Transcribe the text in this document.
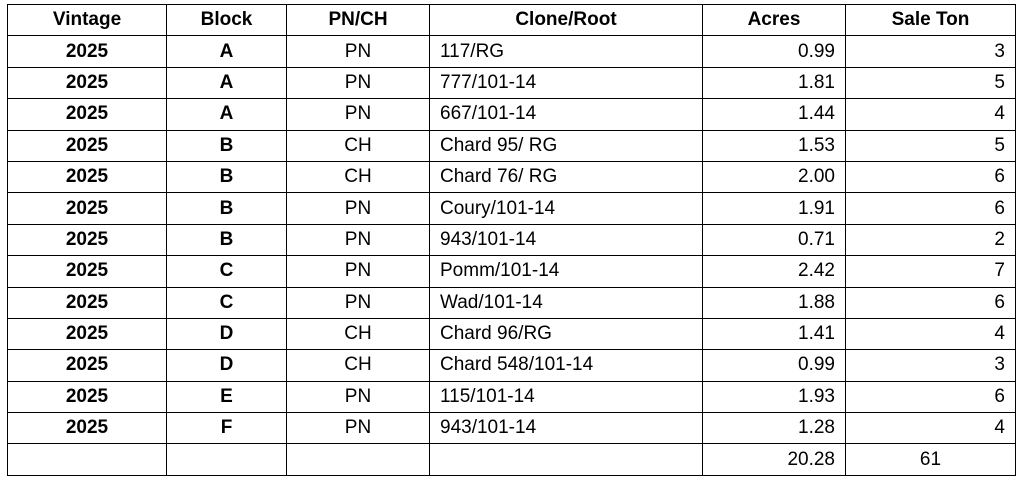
Vintage	Block	PN/CH	Clone/Root	Acres	Sale Ton
2025	A	PN	117/RG	0.99	3
2025	A	PN	777/101-14	1.81	5
2025	A	PN	667/101-14	1.44	4
2025	B	CH	Chard 95/ RG	1.53	5
2025	B	CH	Chard 76/ RG	2.00	6
2025	B	PN	Coury/101-14	1.91	6
2025	B	PN	943/101-14	0.71	2
2025	C	PN	Pomm/101-14	2.42	7
2025	C	PN	Wad/101-14	1.88	6
2025	D	CH	Chard 96/RG	1.41	4
2025	D	CH	Chard 548/101-14	0.99	3
2025	E	PN	115/101-14	1.93	6
2025	F	PN	943/101-14	1.28	4
				20.28	61
